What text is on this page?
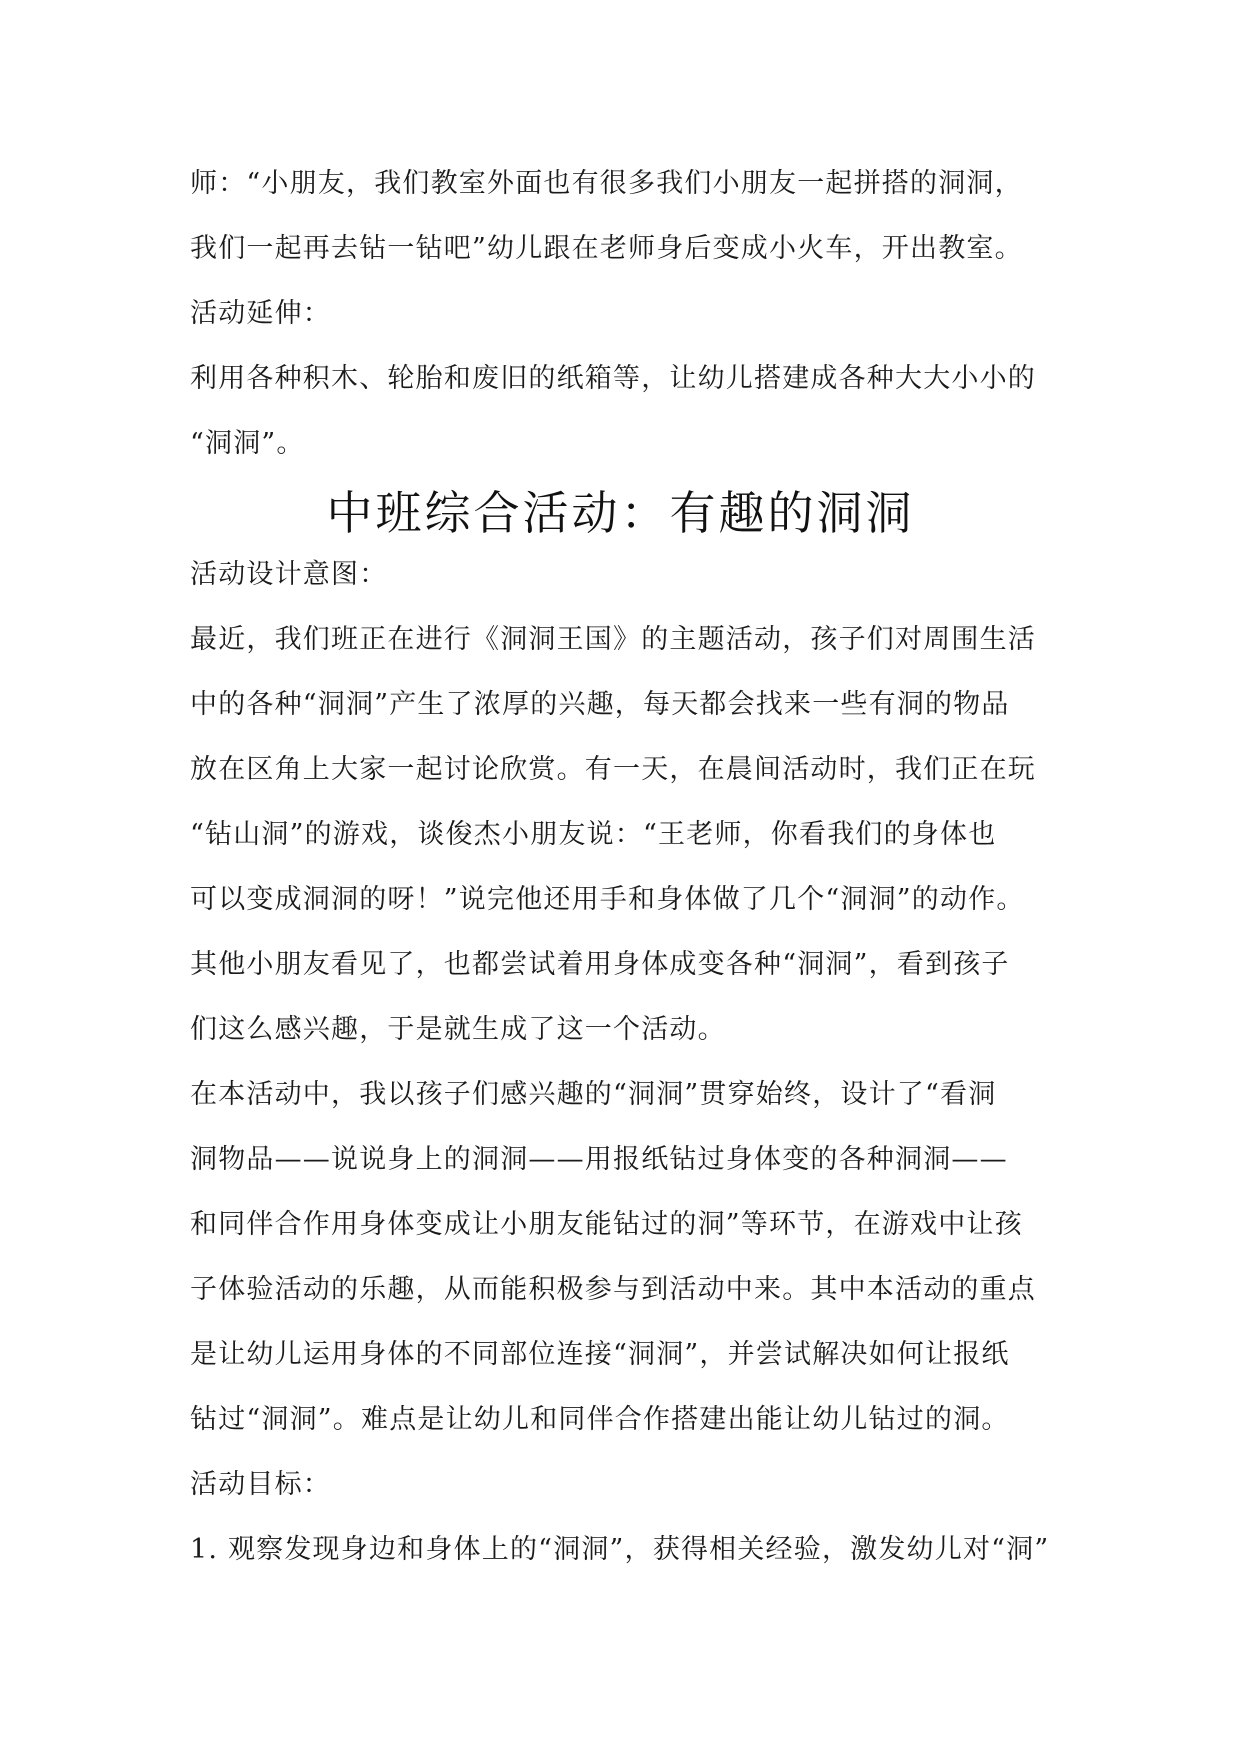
师：“小朋友，我们教室外面也有很多我们小朋友一起拼搭的洞洞，
我们一起再去钻一钻吧”幼儿跟在老师身后变成小火车，开出教室。
活动延伸：
利用各种积木、轮胎和废旧的纸箱等，让幼儿搭建成各种大大小小的
“洞洞”。
中班综合活动：有趣的洞洞
活动设计意图：
最近，我们班正在进行《洞洞王国》的主题活动，孩子们对周围生活
中的各种“洞洞”产生了浓厚的兴趣，每天都会找来一些有洞的物品
放在区角上大家一起讨论欣赏。有一天，在晨间活动时，我们正在玩
“钻山洞”的游戏，谈俊杰小朋友说：“王老师，你看我们的身体也
可以变成洞洞的呀！”说完他还用手和身体做了几个“洞洞”的动作。
其他小朋友看见了，也都尝试着用身体成变各种“洞洞”，看到孩子
们这么感兴趣，于是就生成了这一个活动。
在本活动中，我以孩子们感兴趣的“洞洞”贯穿始终，设计了“看洞
洞物品——说说身上的洞洞——用报纸钻过身体变的各种洞洞——
和同伴合作用身体变成让小朋友能钻过的洞”等环节，在游戏中让孩
子体验活动的乐趣，从而能积极参与到活动中来。其中本活动的重点
是让幼儿运用身体的不同部位连接“洞洞”，并尝试解决如何让报纸
钻过“洞洞”。难点是让幼儿和同伴合作搭建出能让幼儿钻过的洞。
活动目标：
1. 观察发现身边和身体上的“洞洞”，获得相关经验，激发幼儿对“洞”
